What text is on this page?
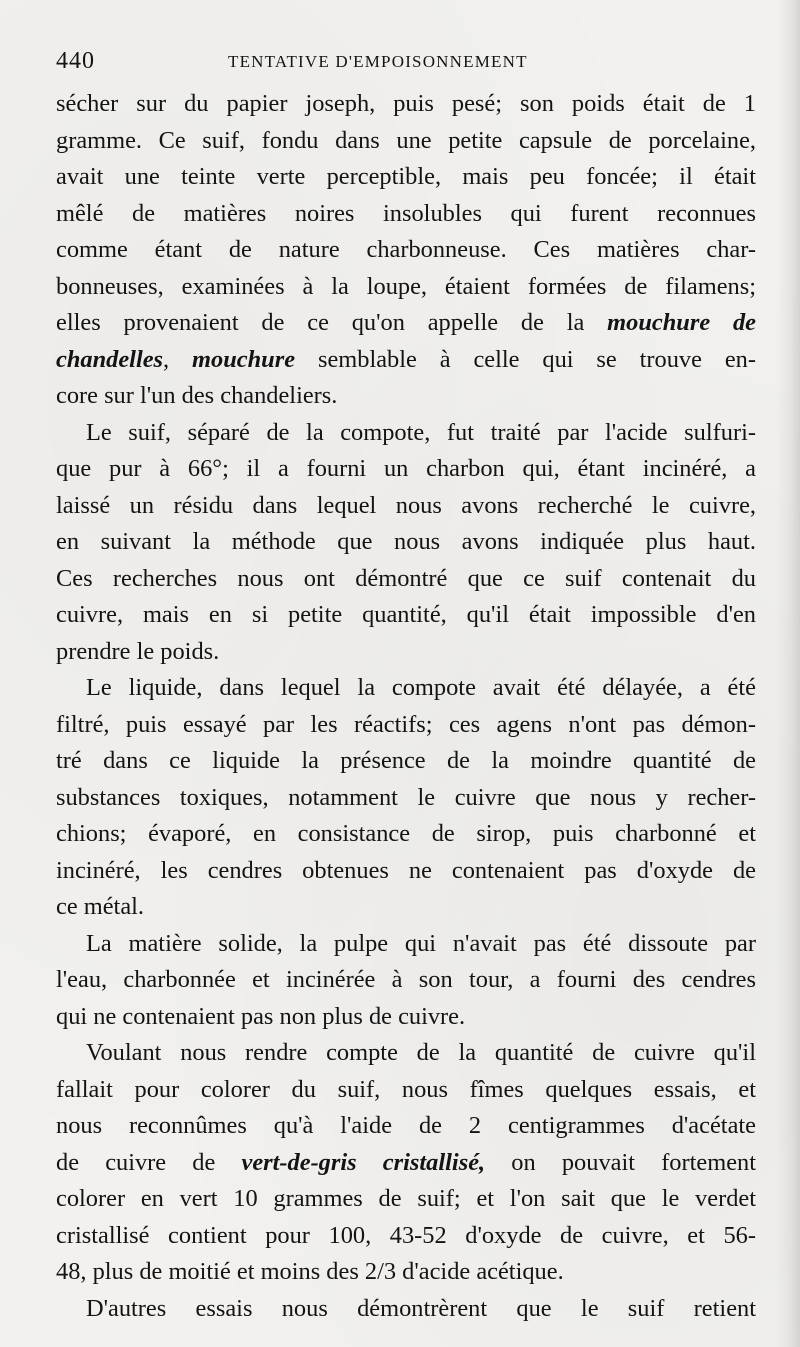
440	TENTATIVE D'EMPOISONNEMENT
sécher sur du papier joseph, puis pesé; son poids était de 1
gramme. Ce suif, fondu dans une petite capsule de porcelaine,
avait une teinte verte perceptible, mais peu foncée; il était
mêlé de matières noires insolubles qui furent reconnues
comme étant de nature charbonneuse. Ces matières char-
bonneuses, examinées à la loupe, étaient formées de filamens;
elles provenaient de ce qu'on appelle de la mouchure de
chandelles, mouchure semblable à celle qui se trouve en-
core sur l'un des chandeliers.
Le suif, séparé de la compote, fut traité par l'acide sulfuri-
que pur à 66°; il a fourni un charbon qui, étant incinéré, a
laissé un résidu dans lequel nous avons recherché le cuivre,
en suivant la méthode que nous avons indiquée plus haut.
Ces recherches nous ont démontré que ce suif contenait du
cuivre, mais en si petite quantité, qu'il était impossible d'en
prendre le poids.
Le liquide, dans lequel la compote avait été délayée, a été
filtré, puis essayé par les réactifs; ces agens n'ont pas démon-
tré dans ce liquide la présence de la moindre quantité de
substances toxiques, notamment le cuivre que nous y recher-
chions; évaporé, en consistance de sirop, puis charbonné et
incinéré, les cendres obtenues ne contenaient pas d'oxyde de
ce métal.
La matière solide, la pulpe qui n'avait pas été dissoute par
l'eau, charbonnée et incinérée à son tour, a fourni des cendres
qui ne contenaient pas non plus de cuivre.
Voulant nous rendre compte de la quantité de cuivre qu'il
fallait pour colorer du suif, nous fîmes quelques essais, et
nous reconnûmes qu'à l'aide de 2 centigrammes d'acétate
de cuivre de vert-de-gris cristallisé, on pouvait fortement
colorer en vert 10 grammes de suif; et l'on sait que le verdet
cristallisé contient pour 100, 43-52 d'oxyde de cuivre, et 56-
48, plus de moitié et moins des 2/3 d'acide acétique.
D'autres essais nous démontrèrent que le suif retient
